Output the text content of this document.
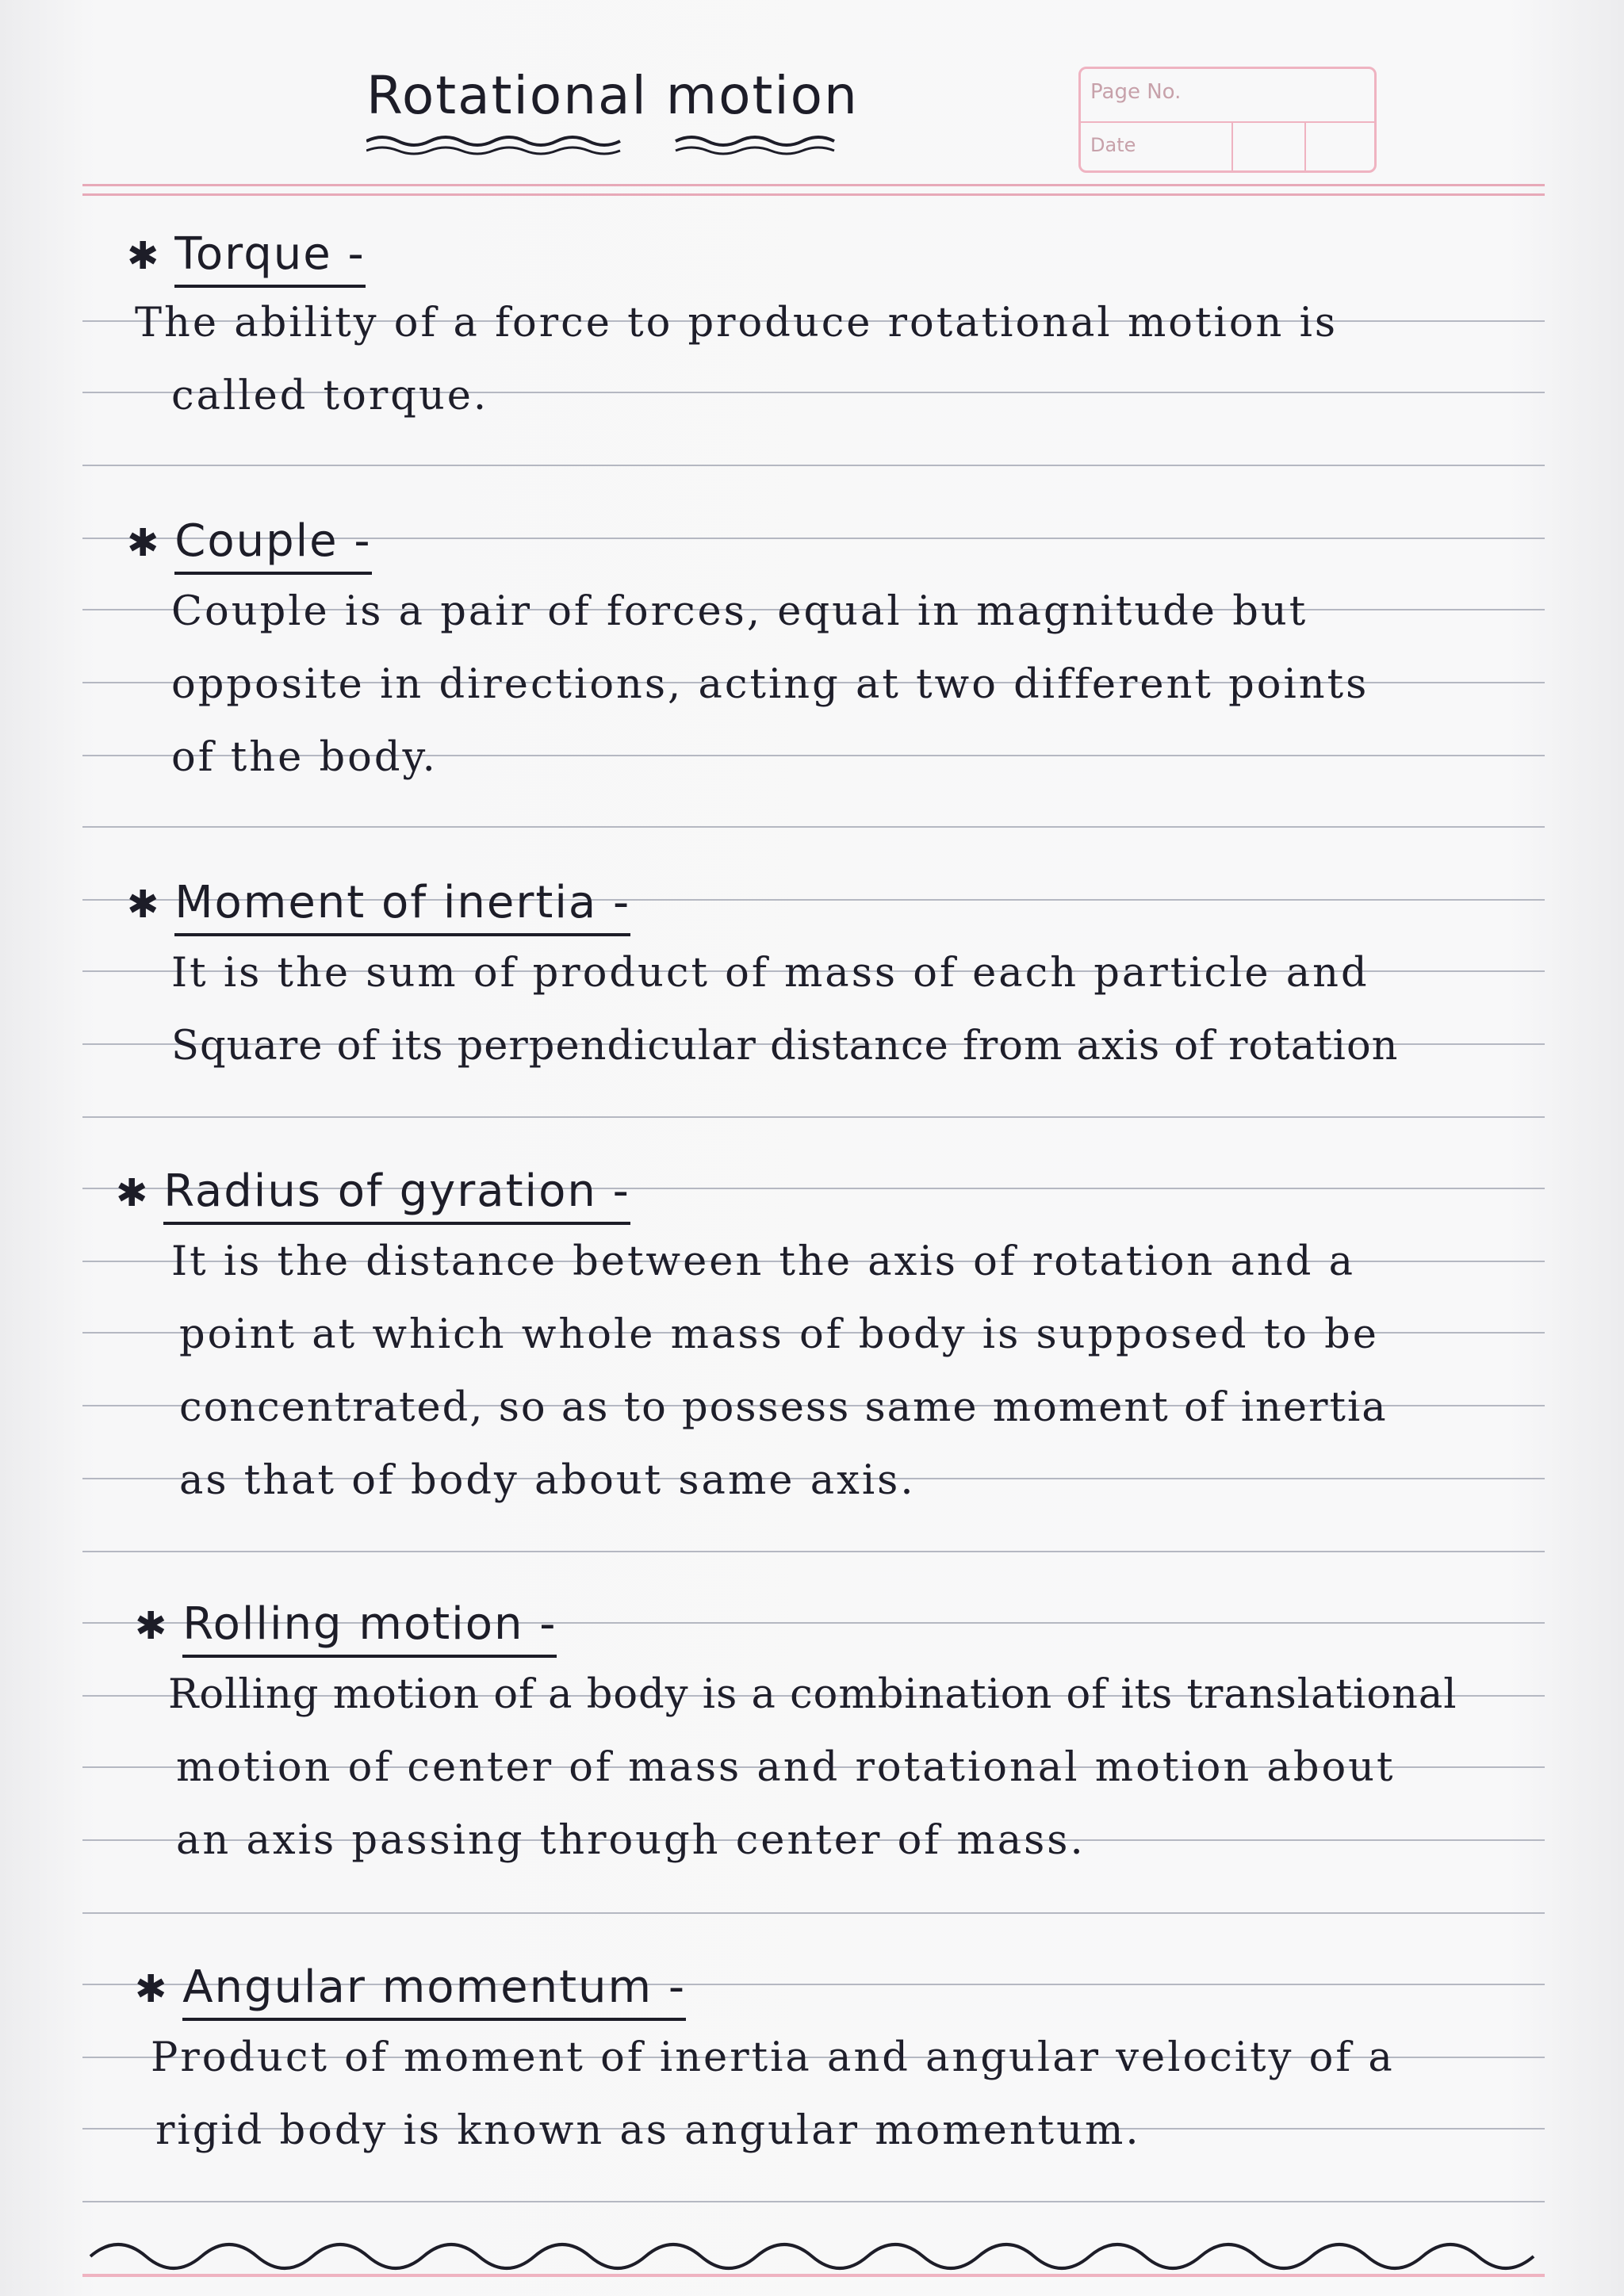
Page No.
Date
Rotational motion
✱ Torque -
The ability of a force to produce rotational motion is
called torque.
✱ Couple -
Couple is a pair of forces, equal in magnitude but
opposite in directions, acting at two different points
of the body.
✱ Moment of inertia -
It is the sum of product of mass of each particle and
Square of its perpendicular distance from axis of rotation
✱ Radius of gyration -
It is the distance between the axis of rotation and a
point at which whole mass of body is supposed to be
concentrated, so as to possess same moment of inertia
as that of body about same axis.
✱ Rolling motion -
Rolling motion of a body is a combination of its translational
motion of center of mass and rotational motion about
an axis passing through center of mass.
✱ Angular momentum -
Product of moment of inertia and angular velocity of a
rigid body is known as angular momentum.
